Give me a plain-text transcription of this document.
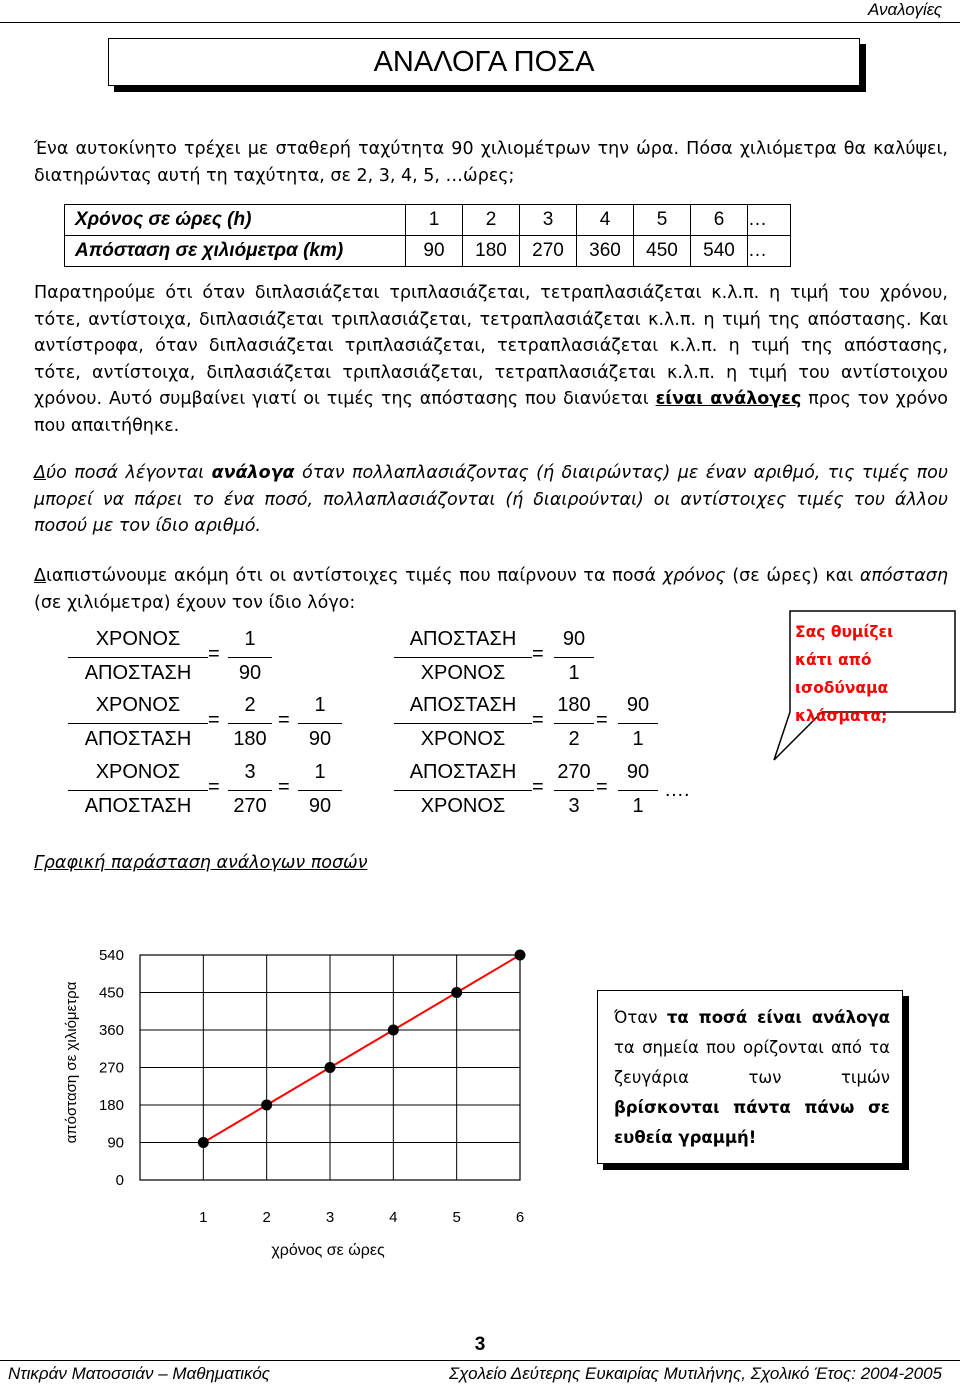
Αναλογίες
ΑΝΑΛΟΓΑ ΠΟΣΑ
Ένα αυτοκίνητο τρέχει με σταθερή ταχύτητα 90 χιλιομέτρων την ώρα. Πόσα χιλιόμετρα θα καλύψει, διατηρώντας αυτή τη ταχύτητα, σε 2, 3, 4, 5, …ώρες;
Χρόνος σε ώρες (h)	1	2	3	4	5	6	…
Απόσταση σε χιλιόμετρα (km)	90	180	270	360	450	540	…
Παρατηρούμε ότι όταν διπλασιάζεται τριπλασιάζεται, τετραπλασιάζεται κ.λ.π. η τιμή του χρόνου, τότε, αντίστοιχα, διπλασιάζεται τριπλασιάζεται, τετραπλασιάζεται κ.λ.π. η τιμή της απόστασης. Και αντίστροφα, όταν διπλασιάζεται τριπλασιάζεται, τετραπλασιάζεται κ.λ.π. η τιμή της απόστασης, τότε, αντίστοιχα, διπλασιάζεται τριπλασιάζεται, τετραπλασιάζεται κ.λ.π. η τιμή του αντίστοιχου χρόνου. Αυτό συμβαίνει γιατί οι τιμές της απόστασης που διανύεται είναι ανάλογες προς τον χρόνο που απαιτήθηκε.
Δύο ποσά λέγονται ανάλογα όταν πολλαπλασιάζοντας (ή διαιρώντας) με έναν αριθμό, τις τιμές που μπορεί να πάρει το ένα ποσό, πολλαπλασιάζονται (ή διαιρούνται) οι αντίστοιχες τιμές του άλλου ποσού με τον ίδιο αριθμό.
Διαπιστώνουμε ακόμη ότι οι αντίστοιχες τιμές που παίρνουν τα ποσά χρόνος (σε ώρες) και απόσταση (σε χιλιόμετρα) έχουν τον ίδιο λόγο:
ΧΡΟΝΟΣ
ΑΠΟΣΤΑΣΗ
= $\frac{1}{90}$
ΧΡΟΝΟΣ
ΑΠΟΣΤΑΣΗ
= $\frac{2}{180} = \frac{1}{90}$
ΧΡΟΝΟΣ
ΑΠΟΣΤΑΣΗ
= $\frac{3}{270} = \frac{1}{90}$
ΑΠΟΣΤΑΣΗ
ΧΡΟΝΟΣ
= $\frac{90}{1}$
ΑΠΟΣΤΑΣΗ
ΧΡΟΝΟΣ
= $\frac{180}{2} = \frac{90}{1}$
ΑΠΟΣΤΑΣΗ
ΧΡΟΝΟΣ
= $\frac{270}{3} = \frac{90}{1}$ ….
Σας θυμίζει
κάτι από
ισοδύναμα
κλάσματα;
Γραφική παράσταση ανάλογων ποσών
0
90
180
270
360
450
540
1	2	3	4	5	6
χρόνος σε ώρες
απόσταση σε χιλιόμετρα	Όταν τα ποσά είναι ανάλογα τα σημεία που ορίζονται από τα ζευγάρια των τιμών βρίσκονται πάντα πάνω σε ευθεία γραμμή!
3
Ντικράν Ματοσσιάν – Μαθηματικός	Σχολείο Δεύτερης Ευκαιρίας Μυτιλήνης, Σχολικό Έτος: 2004-2005
